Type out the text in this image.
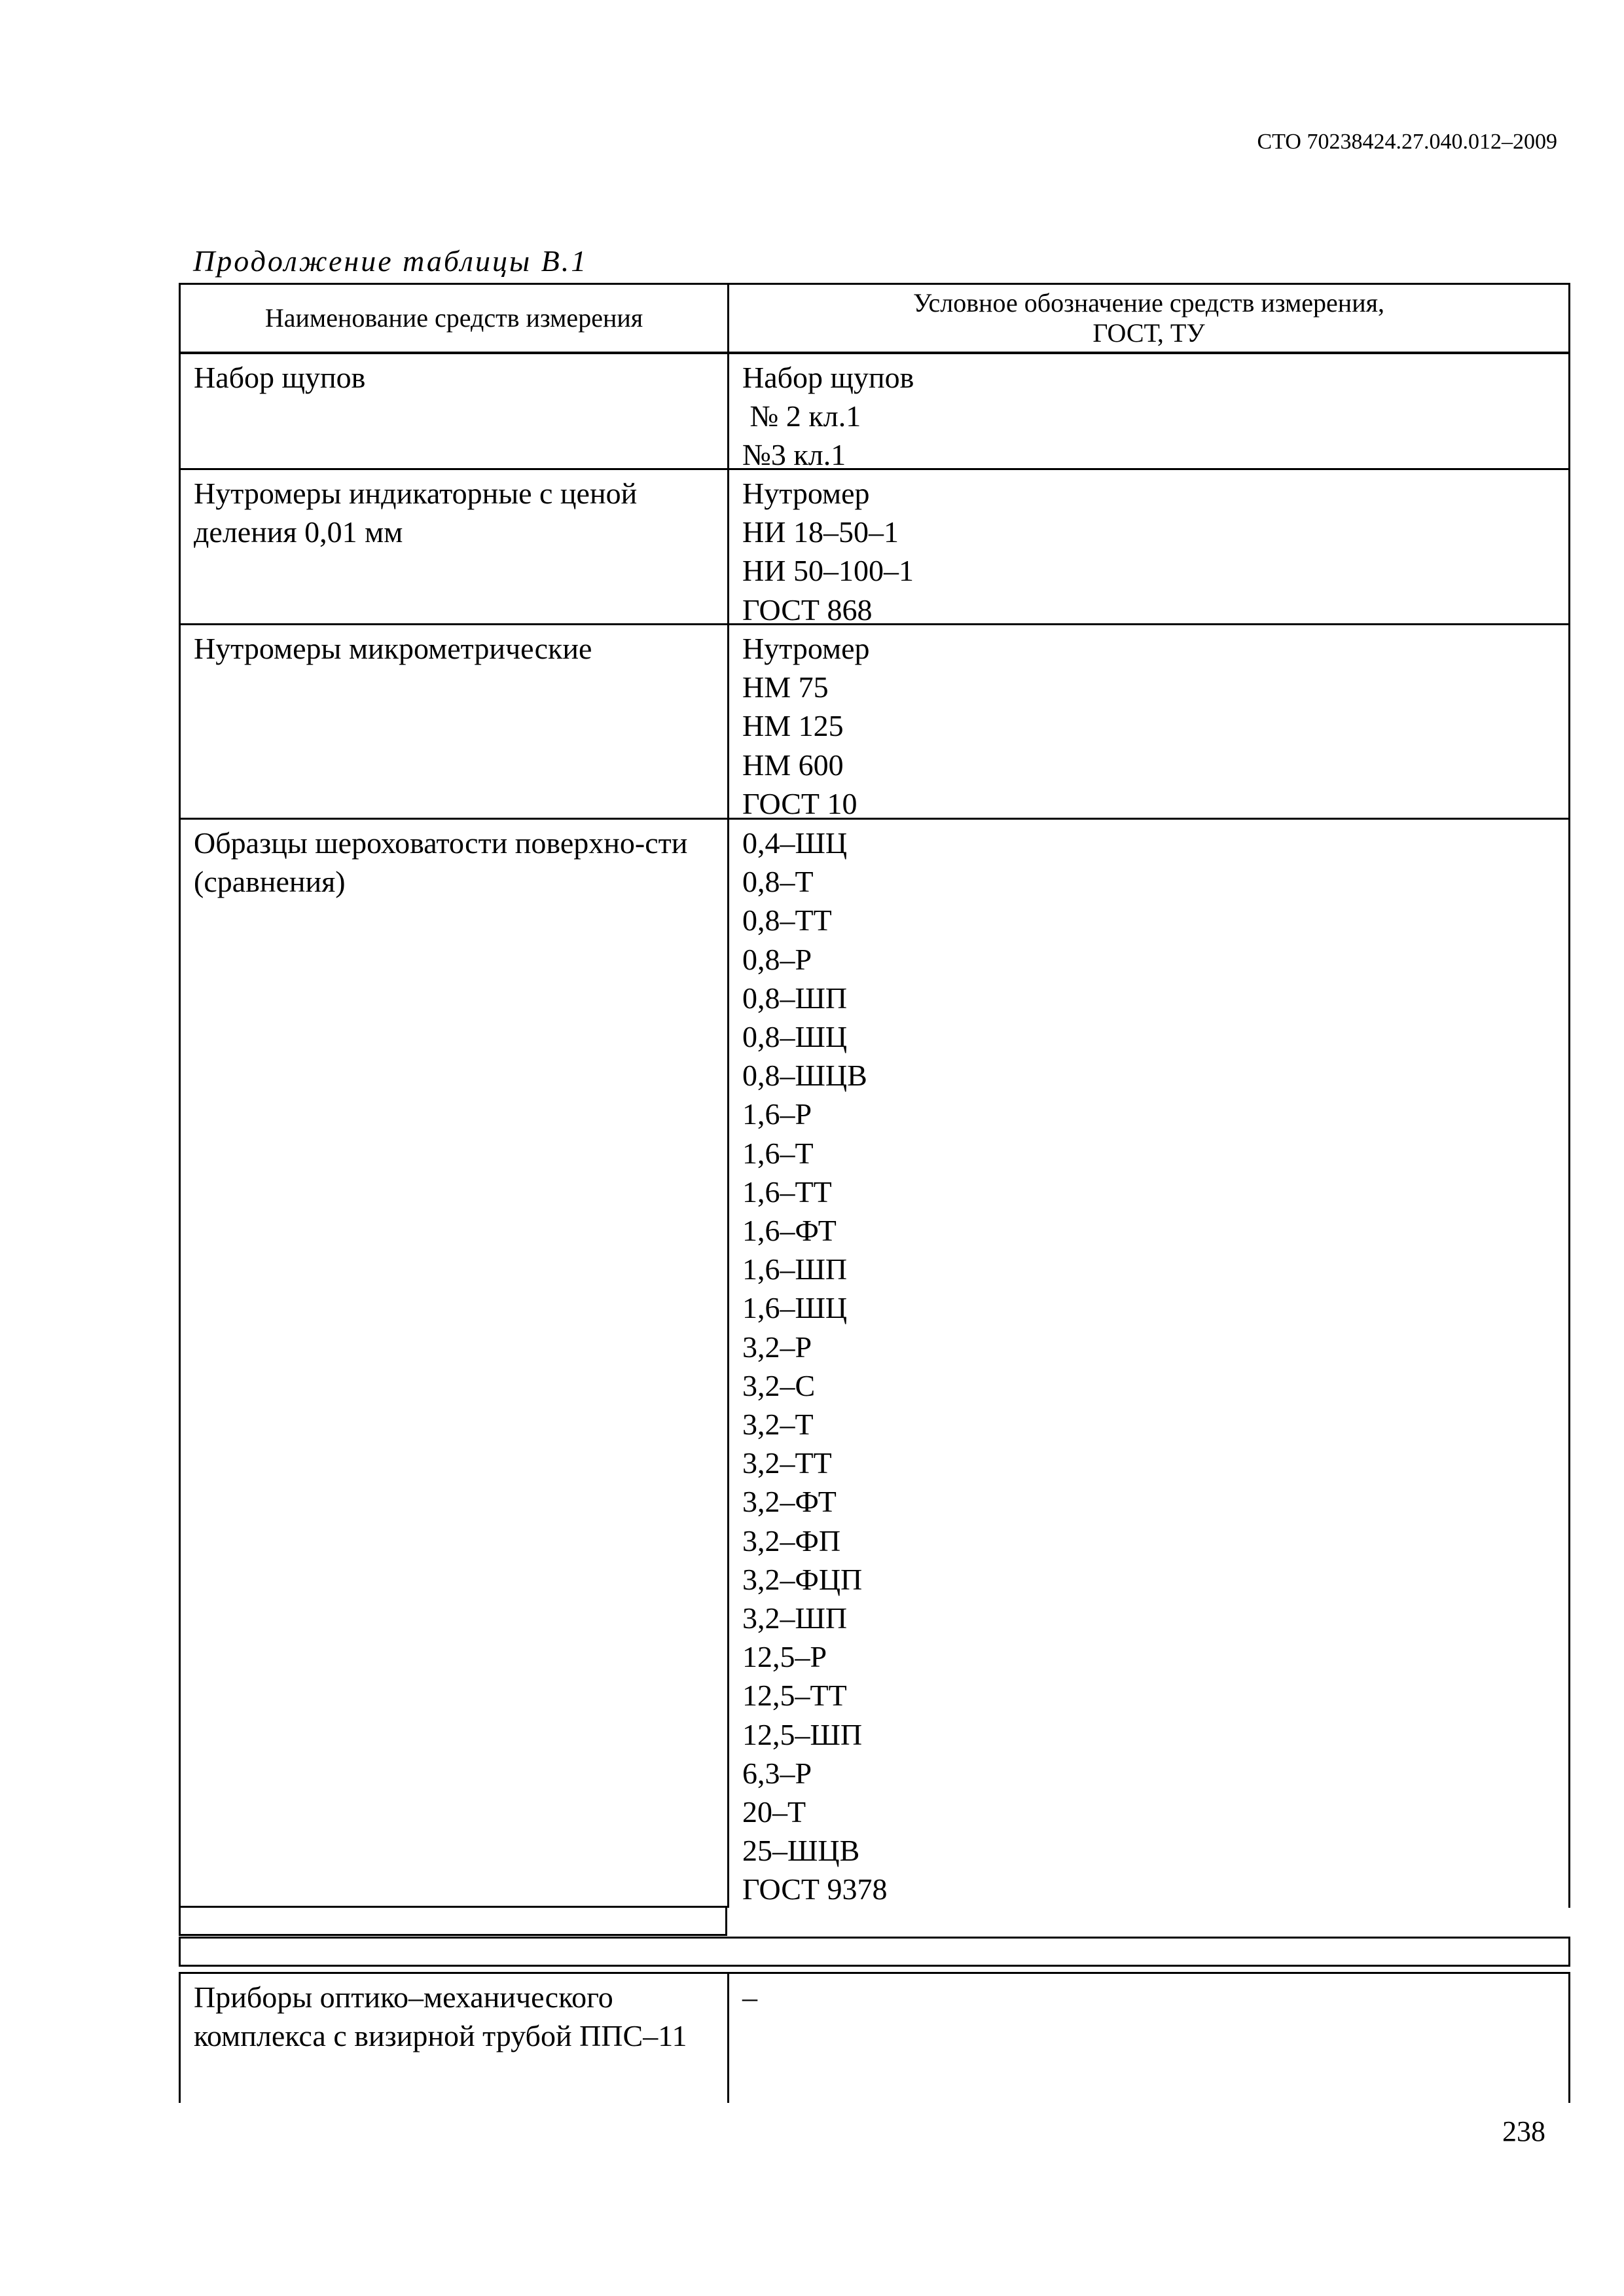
СТО 70238424.27.040.012–2009
Продолжение таблицы В.1
Наименование средств измерения
Условное обозначение средств измерения,
ГОСТ, ТУ

Набор щупов	Набор щупов
№ 2 кл.1
№3 кл.1

Нутромеры индикаторные с ценой деления 0,01 мм

Нутромер
НИ 18–50–1
НИ 50–100–1
ГОСТ 868

Нутромеры микрометрические	Нутромер
НМ 75
НМ 125
НМ 600
ГОСТ 10

Образцы шероховатости поверхно-сти (сравнения)

0,4–ШЦ
0,8–Т
0,8–ТТ
0,8–Р
0,8–ШП
0,8–ШЦ
0,8–ШЦВ
1,6–Р
1,6–Т
1,6–ТТ
1,6–ФТ
1,6–ШП
1,6–ШЦ
3,2–Р
3,2–С
3,2–Т
3,2–ТТ
3,2–ФТ
3,2–ФП
3,2–ФЦП
3,2–ШП
12,5–Р
12,5–ТТ
12,5–ШП
6,3–Р
20–Т
25–ШЦВ
ГОСТ 9378

Приборы оптико–механического комплекса с визирной трубой ППС–11

–
238
